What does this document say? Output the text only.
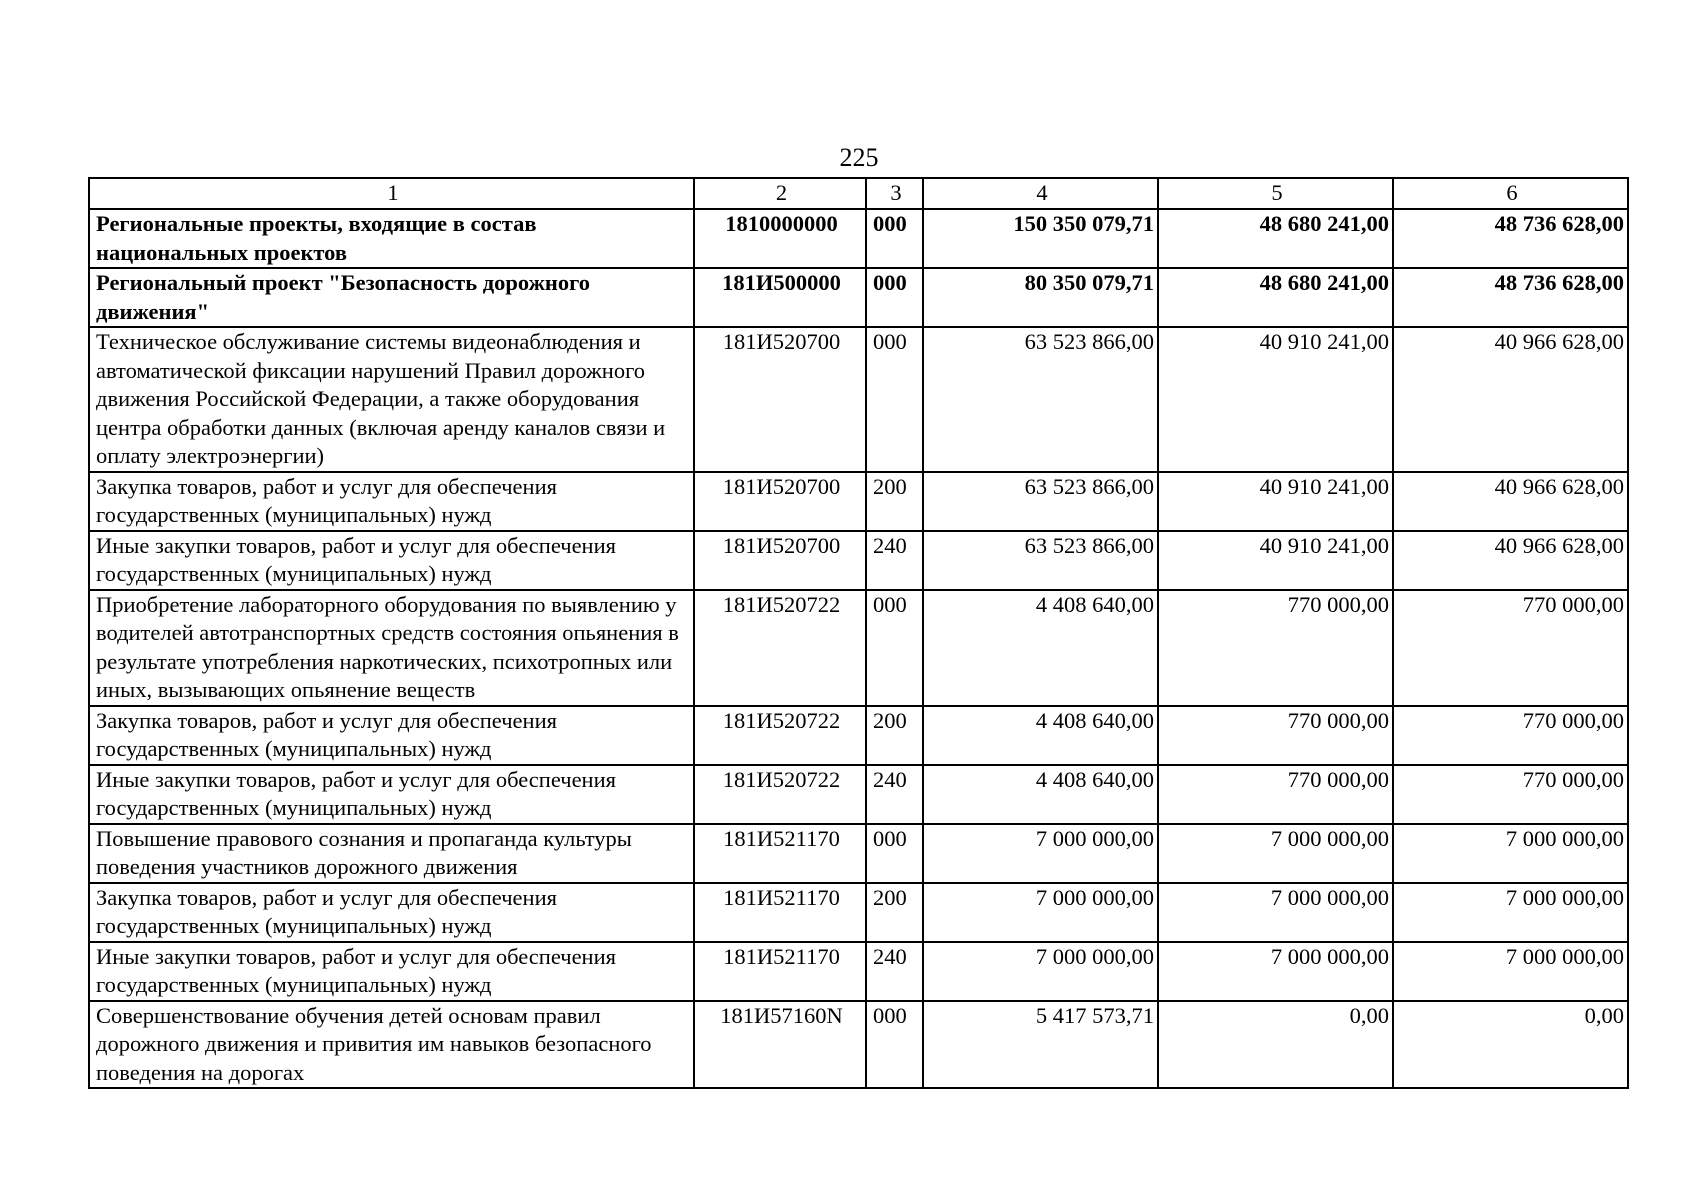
225
1	2	3	4	5	6
Региональные проекты, входящие в состав национальных проектов	1810000000	000	150 350 079,71	48 680 241,00	48 736 628,00
Региональный проект "Безопасность дорожного движения"	181И500000	000	80 350 079,71	48 680 241,00	48 736 628,00
Техническое обслуживание системы видеонаблюдения и автоматической фиксации нарушений Правил дорожного движения Российской Федерации, а также оборудования центра обработки данных (включая аренду каналов связи и оплату электроэнергии)	181И520700	000	63 523 866,00	40 910 241,00	40 966 628,00
Закупка товаров, работ и услуг для обеспечения государственных (муниципальных) нужд	181И520700	200	63 523 866,00	40 910 241,00	40 966 628,00
Иные закупки товаров, работ и услуг для обеспечения государственных (муниципальных) нужд	181И520700	240	63 523 866,00	40 910 241,00	40 966 628,00
Приобретение лабораторного оборудования по выявлению у водителей автотранспортных средств состояния опьянения в результате употребления наркотических, психотропных или иных, вызывающих опьянение веществ	181И520722	000	4 408 640,00	770 000,00	770 000,00
Закупка товаров, работ и услуг для обеспечения государственных (муниципальных) нужд	181И520722	200	4 408 640,00	770 000,00	770 000,00
Иные закупки товаров, работ и услуг для обеспечения государственных (муниципальных) нужд	181И520722	240	4 408 640,00	770 000,00	770 000,00
Повышение правового сознания и пропаганда культуры поведения участников дорожного движения	181И521170	000	7 000 000,00	7 000 000,00	7 000 000,00
Закупка товаров, работ и услуг для обеспечения государственных (муниципальных) нужд	181И521170	200	7 000 000,00	7 000 000,00	7 000 000,00
Иные закупки товаров, работ и услуг для обеспечения государственных (муниципальных) нужд	181И521170	240	7 000 000,00	7 000 000,00	7 000 000,00
Совершенствование обучения детей основам правил дорожного движения и привития им навыков безопасного поведения на дорогах	181И57160N	000	5 417 573,71	0,00	0,00
